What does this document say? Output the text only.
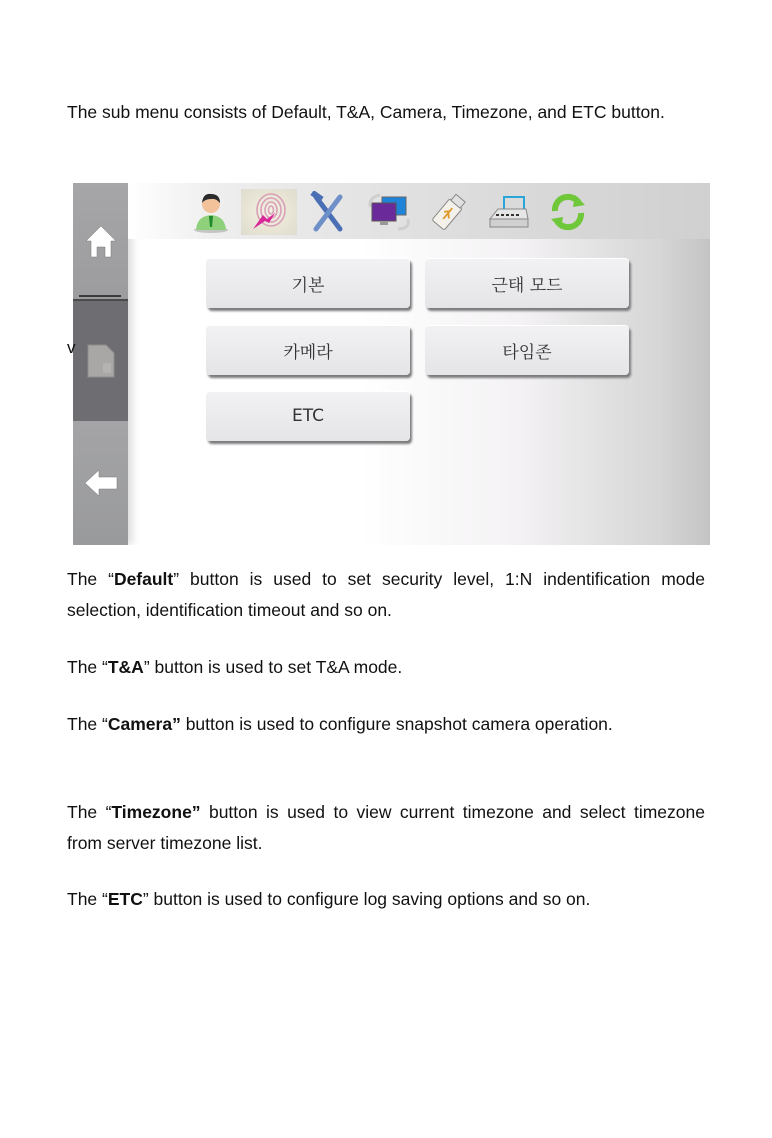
The sub menu consists of Default, T&A, Camera, Timezone, and ETC button.

기본	근태 모드
카메라	타임존
ETC
v

The “Default” button is used to set security level, 1:N indentification mode selection, identification timeout and so on.

The “T&A” button is used to set T&A mode.

The “Camera” button is used to configure snapshot camera operation.

The “Timezone” button is used to view current timezone and select timezone from server timezone list.

The “ETC” button is used to configure log saving options and so on.
